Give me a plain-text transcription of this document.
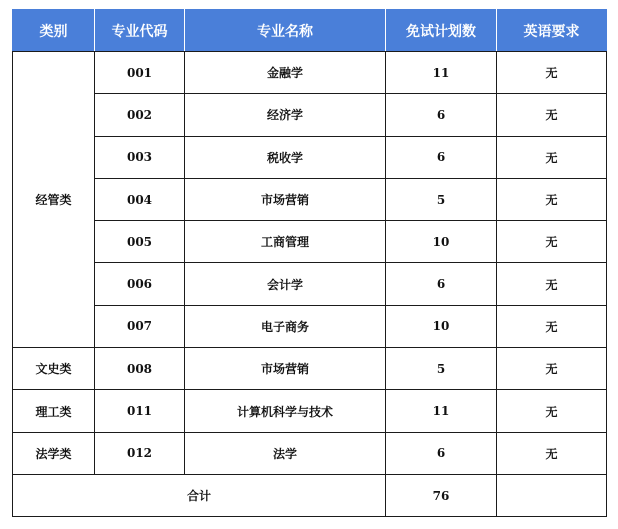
类别	专业代码	专业名称	免试计划数	英语要求
经管类	001	金融学	11	无
	002	经济学	6	无
	003	税收学	6	无
	004	市场营销	5	无
	005	工商管理	10	无
	006	会计学	6	无
	007	电子商务	10	无
文史类	008	市场营销	5	无
理工类	011	计算机科学与技术	11	无
法学类	012	法学	6	无
合计			76	
